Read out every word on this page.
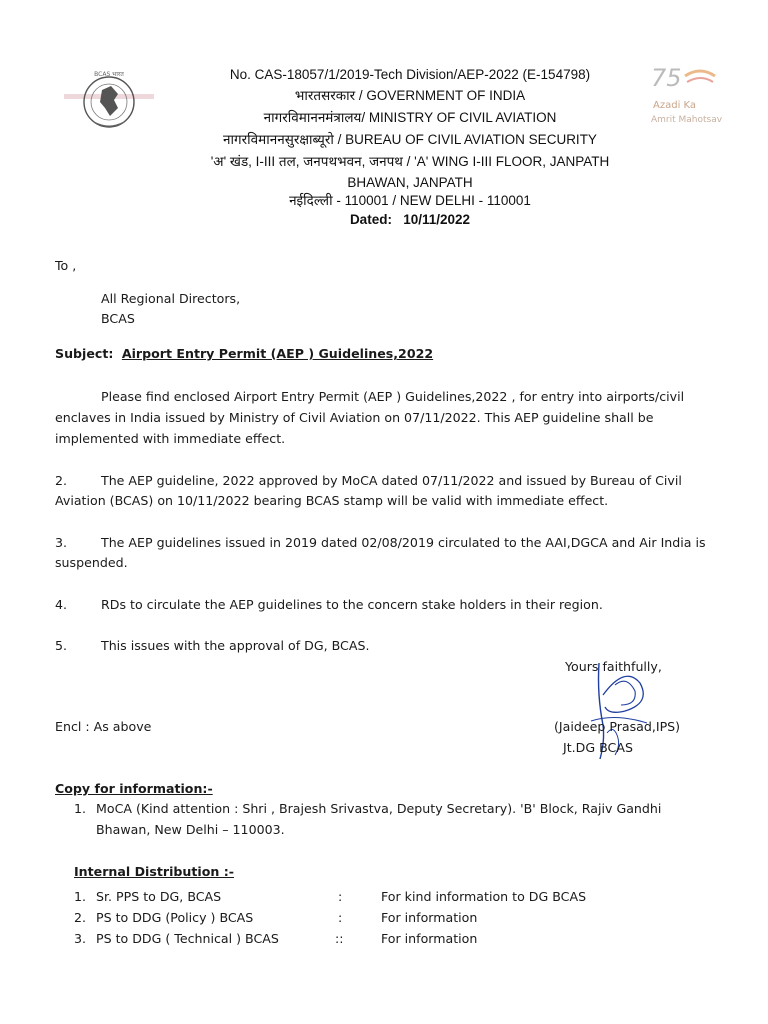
BCAS भारत	75
Azadi Ka
Amrit Mahotsav
No. CAS-18057/1/2019-Tech Division/AEP-2022 (E-154798)
भारतसरकार / GOVERNMENT OF INDIA
नागरविमाननमंत्रालय/ MINISTRY OF CIVIL AVIATION
नागरविमाननसुरक्षाब्यूरो / BUREAU OF CIVIL AVIATION SECURITY
'अ' खंड, I-III तल, जनपथभवन, जनपथ / 'A' WING I-III FLOOR, JANPATH
BHAWAN, JANPATH
नईदिल्ली - 110001 / NEW DELHI - 110001
Dated: 10/11/2022
To ,
All Regional Directors,
BCAS
Subject: Airport Entry Permit (AEP ) Guidelines,2022
Please find enclosed Airport Entry Permit (AEP ) Guidelines,2022 , for entry into airports/civil
enclaves in India issued by Ministry of Civil Aviation on 07/11/2022. This AEP guideline shall be
implemented with immediate effect.
2.	The AEP guideline, 2022 approved by MoCA dated 07/11/2022 and issued by Bureau of Civil
Aviation (BCAS) on 10/11/2022 bearing BCAS stamp will be valid with immediate effect.
3.	The AEP guidelines issued in 2019 dated 02/08/2019 circulated to the AAI,DGCA and Air India is
suspended.
4.	RDs to circulate the AEP guidelines to the concern stake holders in their region.
5.	This issues with the approval of DG, BCAS.
Yours faithfully,
(Jaideep Prasad,IPS)
Jt.DG BCAS
Encl : As above
Copy for information:-
1. MoCA (Kind attention : Shri , Brajesh Srivastva, Deputy Secretary). 'B' Block, Rajiv Gandhi
Bhawan, New Delhi – 110003.
Internal Distribution :-
1. Sr. PPS to DG, BCAS	:	For kind information to DG BCAS
2. PS to DDG (Policy ) BCAS	:	For information
3. PS to DDG ( Technical ) BCAS	::	For information
